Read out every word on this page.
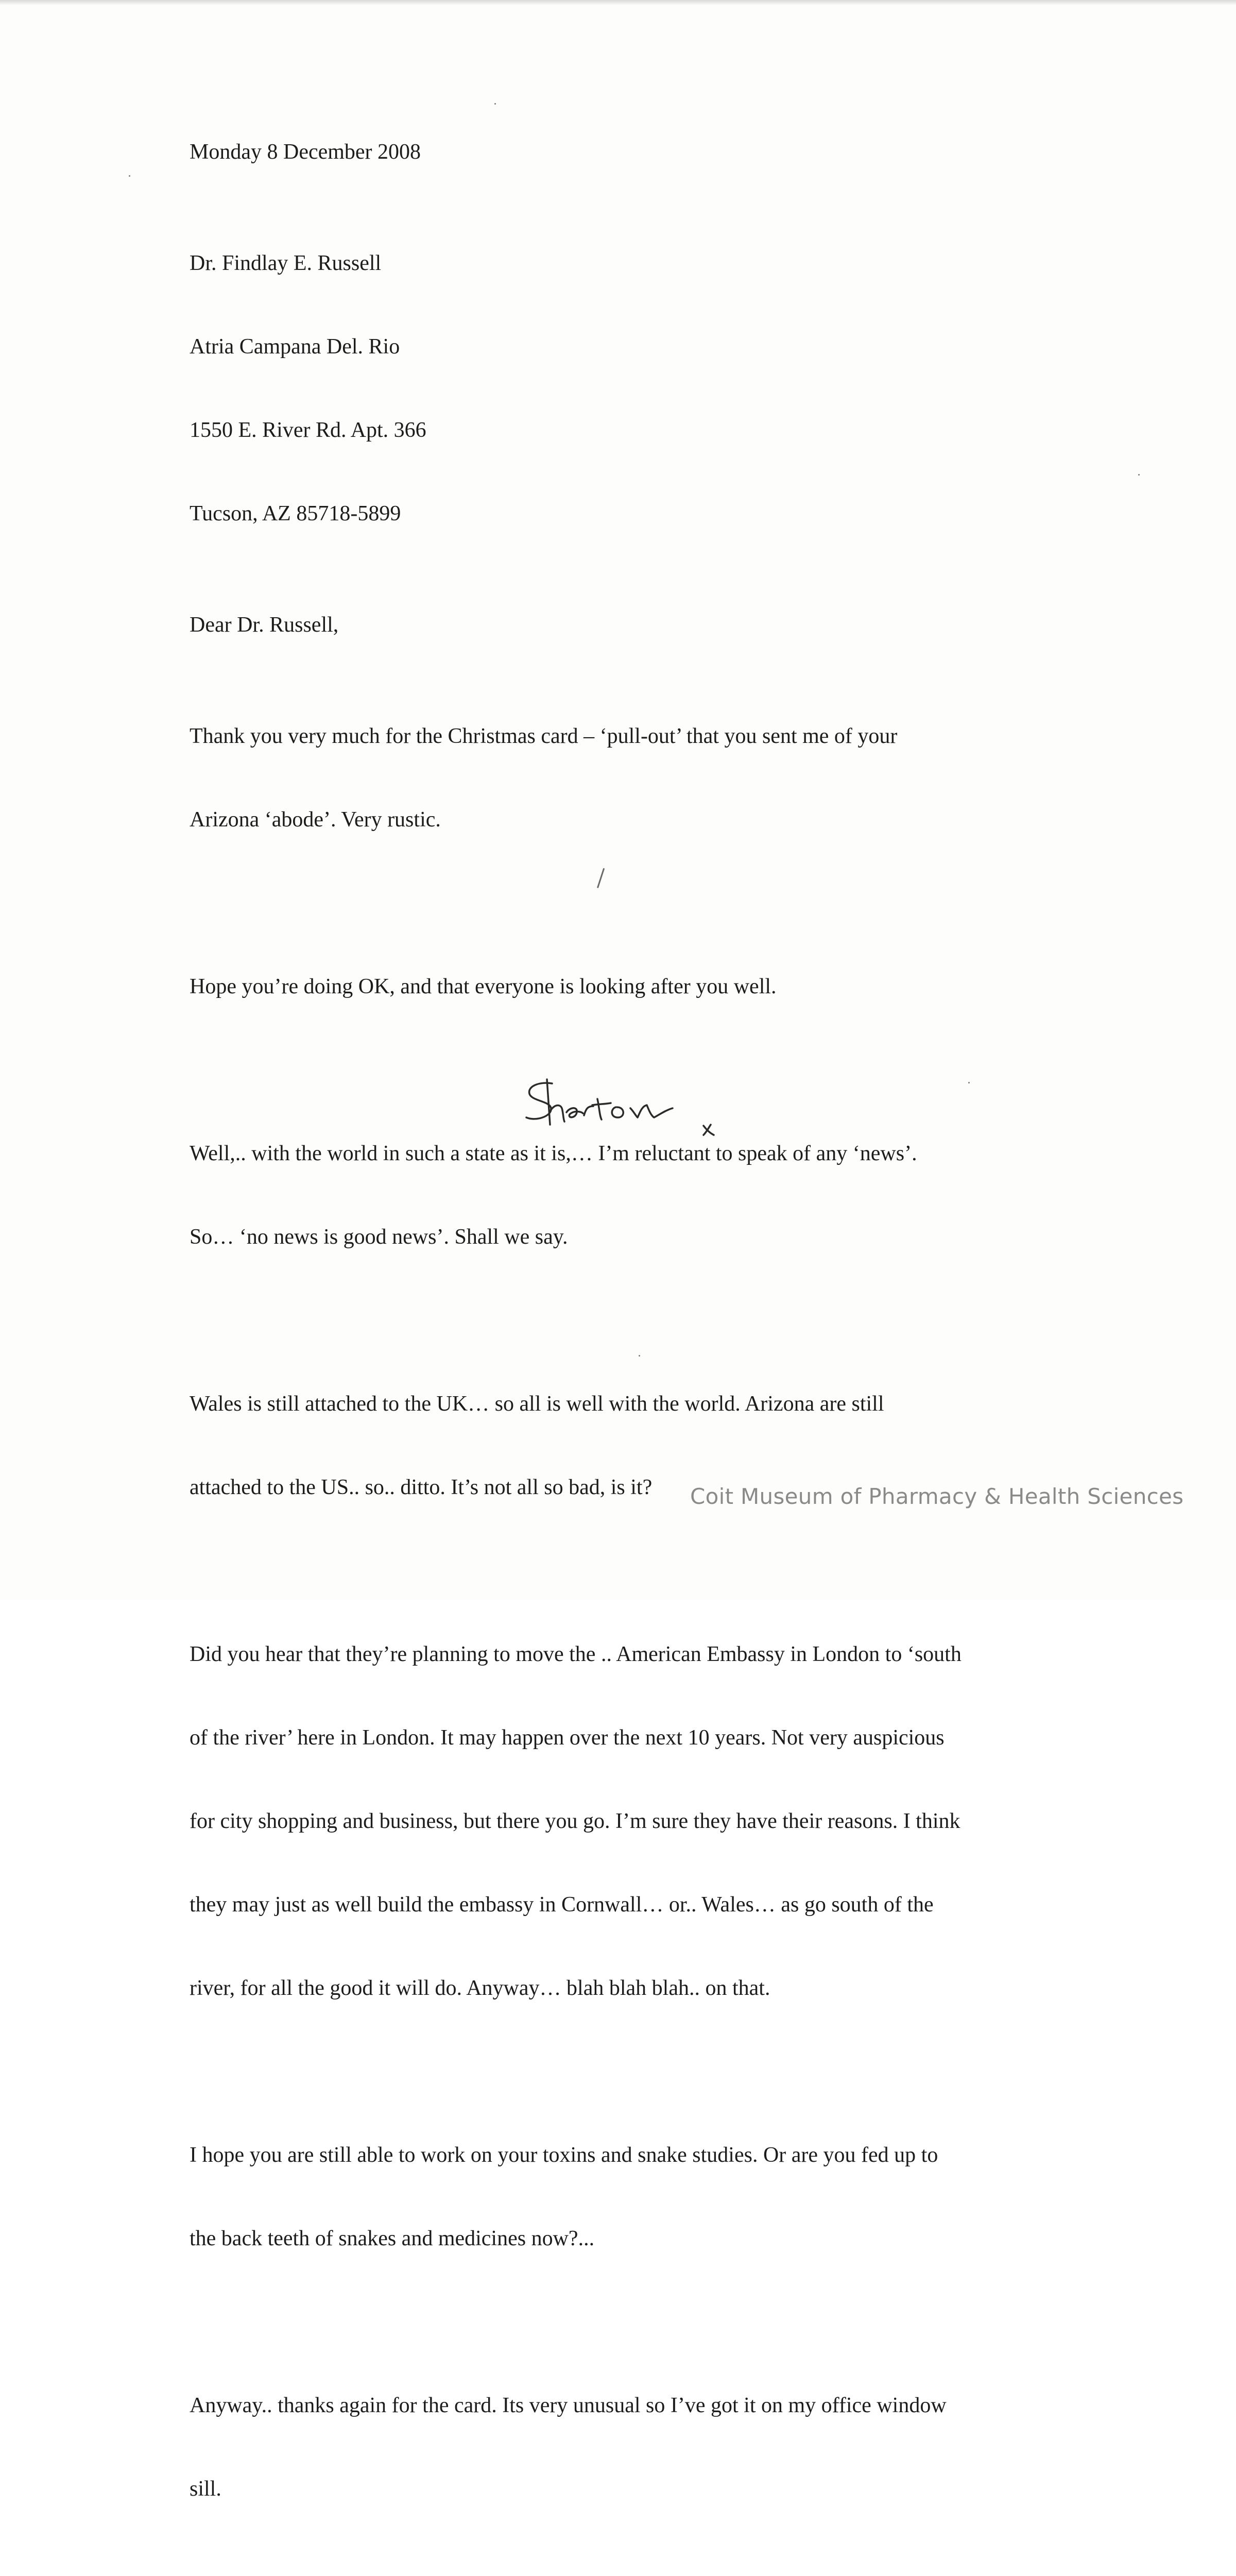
Monday 8 December 2008

Dr. Findlay E. Russell

Atria Campana Del. Rio

1550 E. River Rd. Apt. 366

Tucson, AZ 85718-5899

Dear Dr. Russell,

Thank you very much for the Christmas card – ‘pull-out’ that you sent me of your

Arizona ‘abode’. Very rustic.

Hope you’re doing OK, and that everyone is looking after you well.

Well,.. with the world in such a state as it is,… I’m reluctant to speak of any ‘news’.

So… ‘no news is good news’. Shall we say.

Wales is still attached to the UK… so all is well with the world. Arizona are still

attached to the US.. so.. ditto. It’s not all so bad, is it?

Did you hear that they’re planning to move the .. American Embassy in London to ‘south

of the river’ here in London. It may happen over the next 10 years. Not very auspicious

for city shopping and business, but there you go. I’m sure they have their reasons. I think

they may just as well build the embassy in Cornwall… or.. Wales… as go south of the

river, for all the good it will do. Anyway… blah blah blah.. on that.

I hope you are still able to work on your toxins and snake studies. Or are you fed up to

the back teeth of snakes and medicines now?...

Anyway.. thanks again for the card. Its very unusual so I’ve got it on my office window

sill.

Coit Museum of Pharmacy & Health Sciences
